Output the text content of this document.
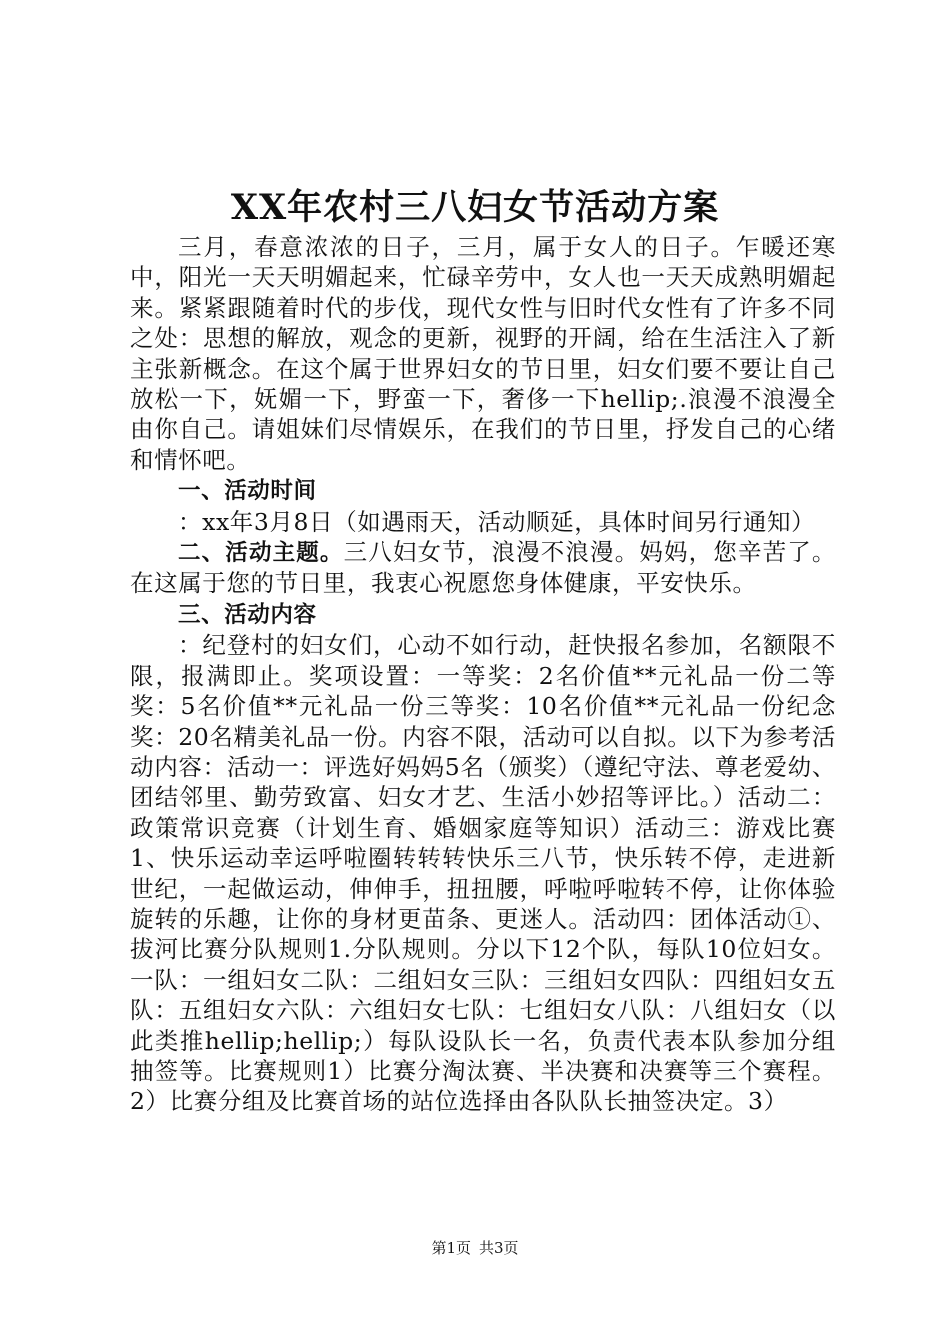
XX年农村三八妇女节活动方案

三月，春意浓浓的日子，三月，属于女人的日子。乍暖还寒中，阳光一天天明媚起来，忙碌辛劳中，女人也一天天成熟明媚起来。紧紧跟随着时代的步伐，现代女性与旧时代女性有了许多不同之处：思想的解放，观念的更新，视野的开阔，给在生活注入了新主张新概念。在这个属于世界妇女的节日里，妇女们要不要让自己放松一下，妩媚一下，野蛮一下，奢侈一下hellip;.浪漫不浪漫全由你自己。请姐妹们尽情娱乐，在我们的节日里，抒发自己的心绪和情怀吧。

一、活动时间

：xx年3月8日（如遇雨天，活动顺延，具体时间另行通知）

二、活动主题。三八妇女节，浪漫不浪漫。妈妈，您辛苦了。在这属于您的节日里，我衷心祝愿您身体健康，平安快乐。

三、活动内容

：纪登村的妇女们，心动不如行动，赶快报名参加，名额限不限，报满即止。奖项设置：一等奖：2名价值**元礼品一份二等奖：5名价值**元礼品一份三等奖：10名价值**元礼品一份纪念奖：20名精美礼品一份。内容不限，活动可以自拟。以下为参考活动内容：活动一：评选好妈妈5名（颁奖）（遵纪守法、尊老爱幼、团结邻里、勤劳致富、妇女才艺、生活小妙招等评比。）活动二：政策常识竞赛（计划生育、婚姻家庭等知识）活动三：游戏比赛1、快乐运动幸运呼啦圈转转转快乐三八节，快乐转不停，走进新世纪，一起做运动，伸伸手，扭扭腰，呼啦呼啦转不停，让你体验旋转的乐趣，让你的身材更苗条、更迷人。活动四：团体活动①、拔河比赛分队规则1.分队规则。分以下12个队，每队10位妇女。一队：一组妇女二队：二组妇女三队：三组妇女四队：四组妇女五队：五组妇女六队：六组妇女七队：七组妇女八队：八组妇女（以此类推hellip;hellip;）每队设队长一名，负责代表本队参加分组抽签等。比赛规则1）比赛分淘汰赛、半决赛和决赛等三个赛程。2）比赛分组及比赛首场的站位选择由各队队长抽签决定。3）

第1页 共3页
